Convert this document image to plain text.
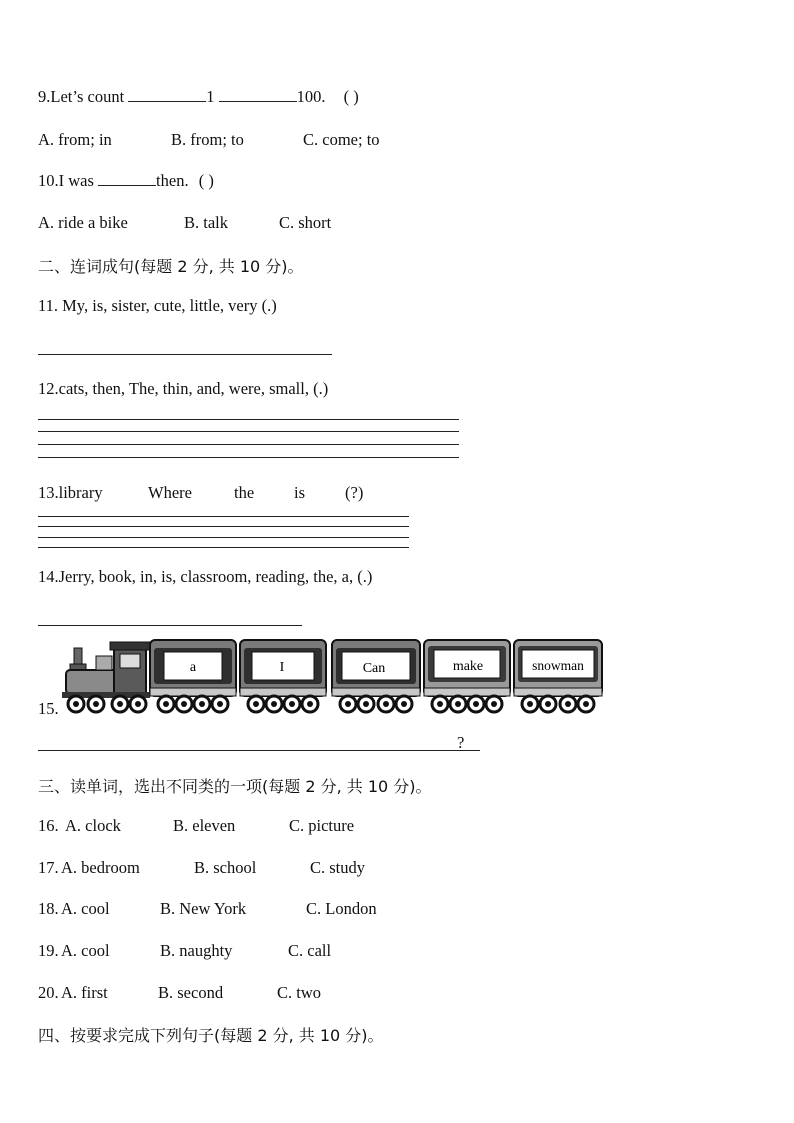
9.Let’s count	1	100. ( )
A. from; in	B. from; to	C. come; to
10.I was	then. ( )
A. ride a bike	B. talk	C. short
二、连词成句(每题 2 分, 共 10 分)。
11. My, is, sister, cute, little, very (.)
12.cats, then, The, thin, and, were, small, (.)
13.library	Where	the is (?)
14.Jerry, book, in, is, classroom, reading, the, a, (.)
15.
a	I	Can	make	snowman
?
三、读单词，选出不同类的一项(每题 2 分, 共 10 分)。
16. A. clock	B. eleven	C. picture
17. A. bedroom	B. school	C. study
18. A. cool	B. New York	C. London
19. A. cool	B. naughty	C. call
20. A. first	B. second	C. two
四、按要求完成下列句子(每题 2 分, 共 10 分)。
